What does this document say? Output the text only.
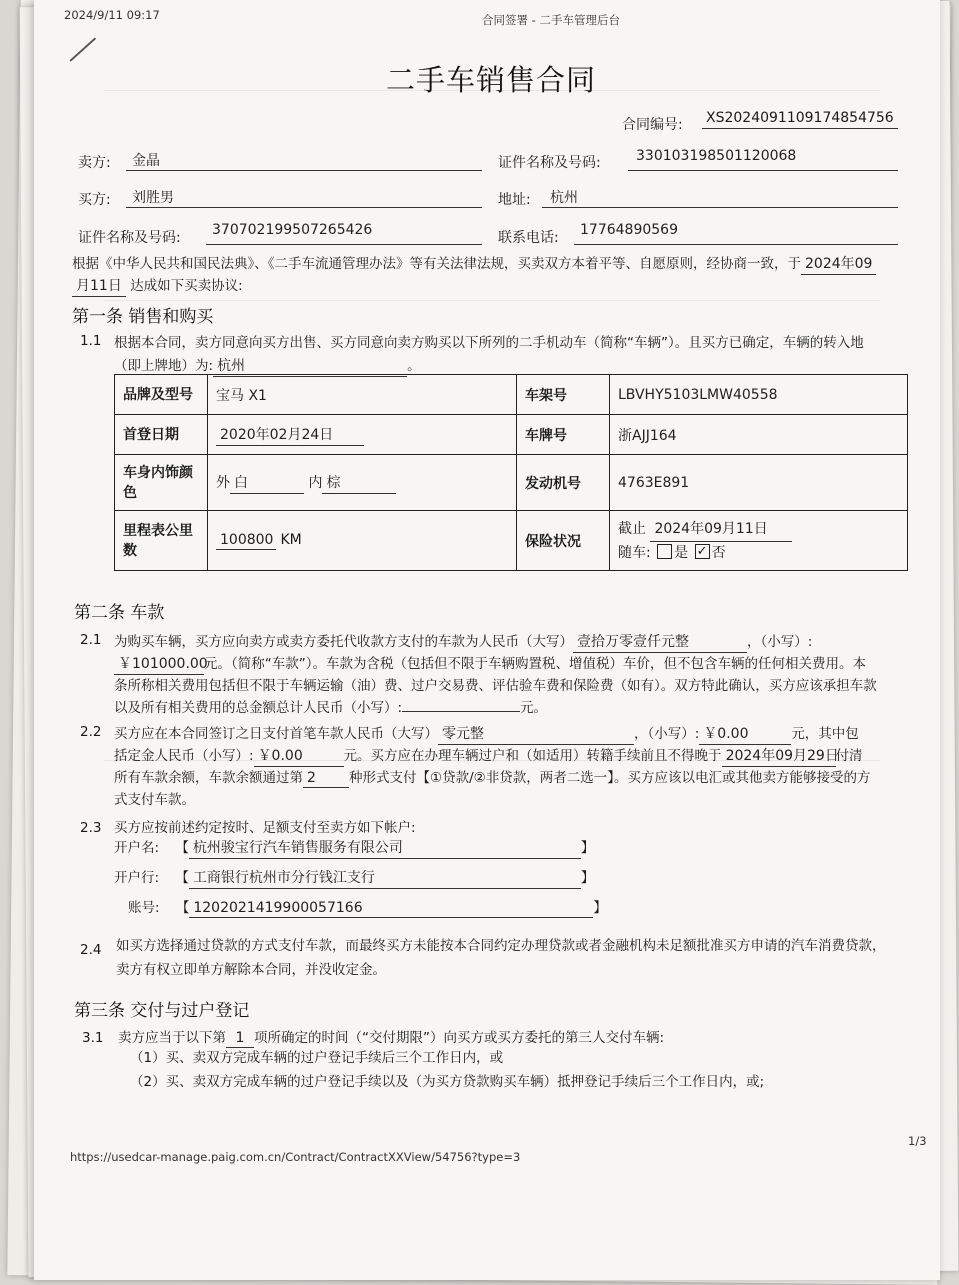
2024/9/11 09:17	合同签署 - 二手车管理后台
二手车销售合同
合同编号: XS2024091109174854756
卖方: 金晶	证件名称及号码:	330103198501120068
买方: 刘胜男	地址: 杭州
证件名称及号码: 370702199507265426	联系电话: 17764890569
根据《中华人民共和国民法典》、《二手车流通管理办法》等有关法律法规，买卖双方本着平等、自愿原则，经协商一致，于 2024年09
月11日 达成如下买卖协议:
第一条 销售和购买
1.1 根据本合同，卖方同意向买方出售、买方同意向卖方购买以下所列的二手机动车（简称“车辆”）。且买方已确定，车辆的转入地
（即上牌地）为: 杭州	。
品牌及型号	宝马 X1	车架号	LBVHY5103LMW40558
首登日期	2020年02月24日	车牌号	浙AJJ164
车身内饰颜色	外 白 内 棕	发动机号	4763E891
里程表公里数	100800 KM	保险状况	截止 2024年09月11日
随车: 是 ✓ 否
第二条 车款
2.1 为购买车辆，买方应向卖方或卖方委托代收款方支付的车款为人民币（大写） 壹拾万零壹仟元整	，（小写）:
￥101000.00元。（简称“车款”）。车款为含税（包括但不限于车辆购置税、增值税）车价，但不包含车辆的任何相关费用。本
条所称相关费用包括但不限于车辆运输（油）费、过户交易费、评估验车费和保险费（如有）。双方特此确认，买方应该承担车款
以及所有相关费用的总金额总计人民币（小写）:	元。
2.2 买方应在本合同签订之日支付首笔车款人民币（大写） 零元整	，（小写）: ￥0.00	元，其中包
括定金人民币（小写）: ￥0.00	元。买方应在办理车辆过户和（如适用）转籍手续前且不得晚于 2024年09月29日付清
所有车款余额，车款余额通过第 2 种形式支付【①贷款/②非贷款，两者二选一】。买方应该以电汇或其他卖方能够接受的方
式支付车款。
2.3 买方应按前述约定按时、足额支付至卖方如下帐户:
开户名: 【 杭州骏宝行汽车销售服务有限公司	】
开户行: 【 工商银行杭州市分行钱江支行	】
账号: 【 1202021419900057166	】
2.4 如买方选择通过贷款的方式支付车款，而最终买方未能按本合同约定办理贷款或者金融机构未足额批准买方申请的汽车消费贷款，
卖方有权立即单方解除本合同，并没收定金。
第三条 交付与过户登记
3.1 卖方应当于以下第 1 项所确定的时间（“交付期限”）向买方或买方委托的第三人交付车辆:
（1）买、卖双方完成车辆的过户登记手续后三个工作日内，或
（2）买、卖双方完成车辆的过户登记手续以及（为买方贷款购买车辆）抵押登记手续后三个工作日内，或;
https://usedcar-manage.paig.com.cn/Contract/ContractXXView/54756?type=3
1/3
